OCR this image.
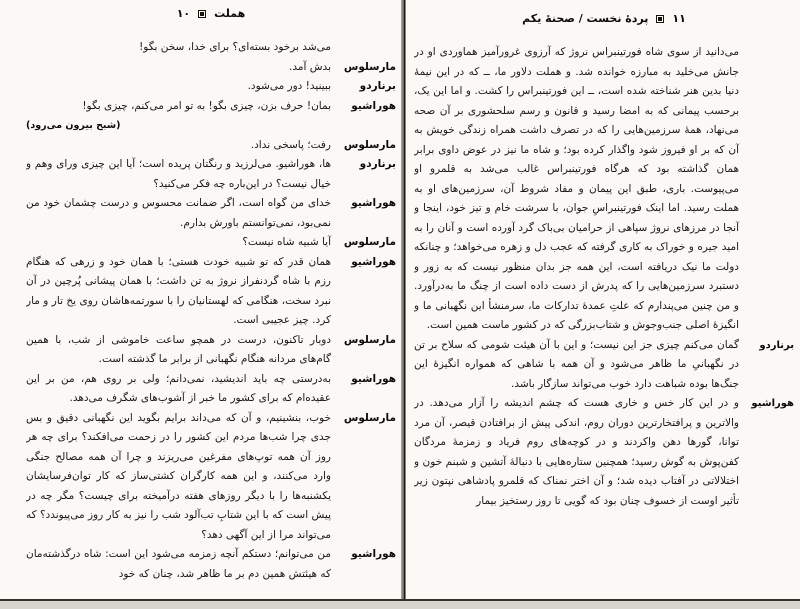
هملت
۱۰
می‌شد برخود بسته‌ای؟ برای خدا، سخن بگو!
مارسلوس
بدش آمد.
برناردو
ببینید! دور می‌شود.
هوراشیو
بمان! حرف بزن، چیزی بگو! به تو امر می‌کنم، چیزی بگو!
(شبح بیرون می‌رود)
مارسلوس
رفت؛ پاسخی نداد.
برناردو
ها، هوراشیو. می‌لرزید و رنگتان پریده است؛ آیا این چیزی ورای وهم و خیال نیست؟ در این‌باره چه فکر می‌کنید؟
هوراشیو
خدای من گواه است، اگر ضمانت محسوس و درست چشمان خود من نمی‌بود، نمی‌توانستم باورش بدارم.
مارسلوس
آیا شبیه شاه نیست؟
هوراشیو
همان قدر که تو شبیه خودت هستی؛ با همان خود و زرهی که هنگام رزم با شاه گردنفراز نروژ به تن داشت؛ با همان پیشانی پُرچین در آن نبرد سخت، هنگامی که لهستانیان را با سورتمه‌هاشان روی یخ تار و مار کرد. چیز عجیبی است.
مارسلوس
دوبار تاکنون، درست در همچو ساعت خاموشی از شب، با همین گام‌های مردانه هنگام نگهبانی از برابر ما گذشته است.
هوراشیو
به‌درستی چه باید اندیشید، نمی‌دانم؛ ولی بر روی هم، من بر این عقیده‌ام که برای کشور ما خبر از آشوب‌های شگرف می‌دهد.
مارسلوس
خوب، بنشینیم، و آن که می‌داند برایم بگوید این نگهبانی دقیق و بس جدی چرا شب‌ها مردم این کشور را در زحمت می‌افکند؟ برای چه هر روز آن همه توپ‌های مفرغین می‌ریزند و چرا آن همه مصالح جنگی وارد می‌کنند، و این همه کارگران کشتی‌ساز که کار توان‌فرسایشان یکشنبه‌ها را با دیگر روزهای هفته درآمیخته برای چیست؟ مگر چه در پیش است که با این شتابِ تب‌آلود شب را نیز به کار روز می‌پیوندد؟ که می‌تواند مرا از این آگهی دهد؟
هوراشیو
من می‌توانم؛ دستکم آنچه زمزمه می‌شود این است: شاه درگذشته‌مان که هیئتش همین دم بر ما ظاهر شد، چنان که خود
۱۱
پردهٔ نخست / صحنهٔ یکم
می‌دانید از سوی شاه فورتینبراس نروژ که آرزوی غرورآمیز هماوردی او در جانش می‌خلید به مبارزه خوانده شد. و هملت دلاور ما، ــ که در این نیمهٔ دنیا بدین هنر شناخته شده است، ــ این فورتینبراس را کشت. و اما این یک، برحسب پیمانی که به امضا رسید و قانون و رسم سلحشوری بر آن صحه می‌نهاد، همهٔ سرزمین‌هایی را که در تصرف داشت همراه زندگی خویش به آن که بر او فیروز شود واگذار کرده بود؛ و شاه ما نیز در عوض داوی برابر همان گذاشته بود که هرگاه فورتینبراس غالب می‌شد به قلمرو او می‌پیوست. باری، طبق این پیمان و مفاد شروط آن، سرزمین‌های او به هملت رسید. اما اینک فورتینبراسِ جوان، با سرشت خام و تیز خود، اینجا و آنجا در مرزهای نروژ سپاهی از حرامیان بی‌باک گرد آورده است و آنان را به امید جیره و خوراک به کاری گرفته که عجب دل و زهره می‌خواهد؛ و چنانکه دولت ما نیک دریافته است، این همه جز بدان منظور نیست که به زور و دستبرد سرزمین‌هایی را که پدرش از دست داده است از چنگ ما به‌درآورد. و من چنین می‌پندارم که علتِ عمدهٔ تدارکات ما، سرمنشأ این نگهبانی ما و انگیزهٔ اصلی جنب‌وجوش و شتاب‌بزرگی که در کشور ماست همین است.
برناردو
گمان می‌کنم چیزی جز این نیست؛ و این با آن هیئت شومی که سلاح بر تن در نگهبانیِ ما ظاهر می‌شود و آن همه با شاهی که همواره انگیزهٔ این جنگ‌ها بوده شباهت دارد خوب می‌تواند سازگار باشد.
هوراشیو
و در این کار خس و خاری هست که چشم اندیشه را آزار می‌دهد. در والاترین و پرافتخارترین دوران روم، اندکی پیش از برافتادن قیصر، آن مرد توانا، گورها دهن واکردند و در کوچه‌های روم فریاد و زمزمهٔ مردگان کفن‌پوش به گوش رسید؛ همچنین ستاره‌هایی با دنبالهٔ آتشین و شبنم خون و اختلالاتی در آفتاب دیده شد؛ و آن اختر نمناک که قلمرو پادشاهی نپتون زیر تأثیر اوست از خسوف چنان بود که گویی تا روز رستخیز بیمار
